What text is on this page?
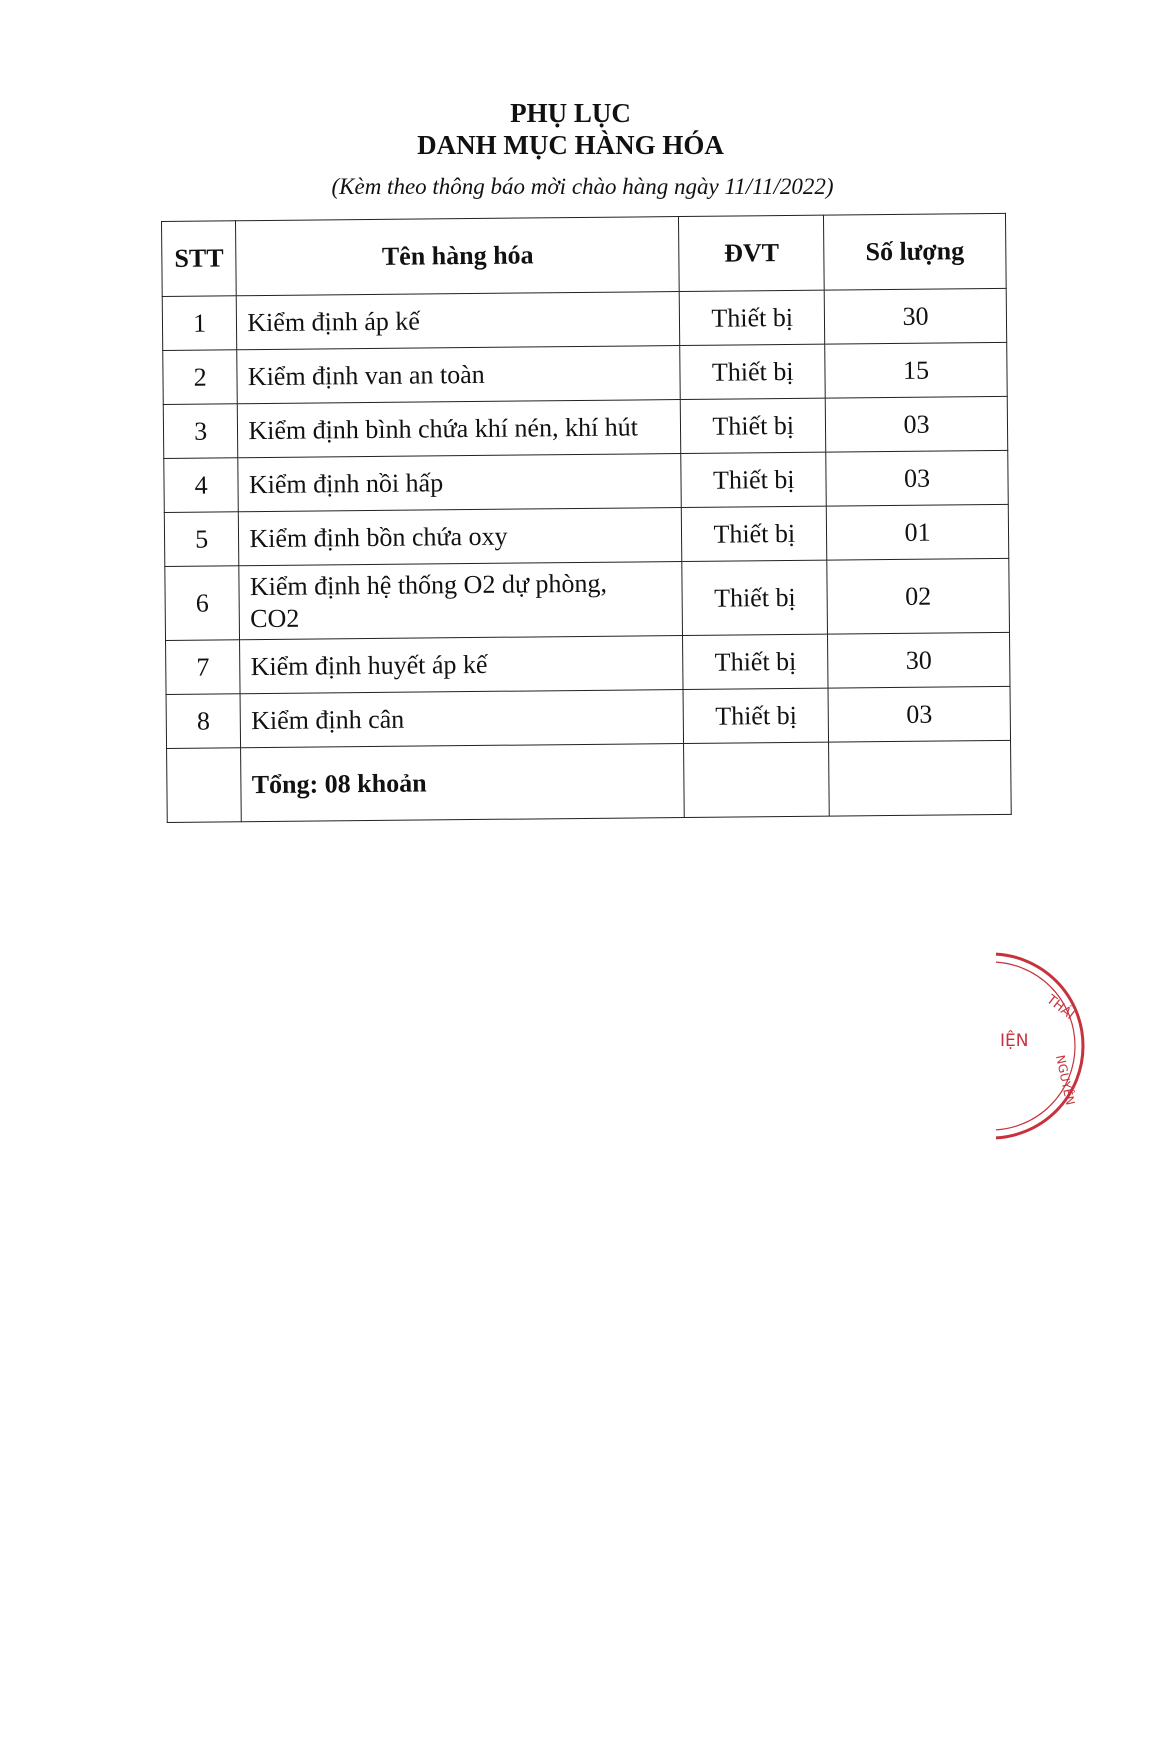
PHỤ LỤC
DANH MỤC HÀNG HÓA
(Kèm theo thông báo mời chào hàng ngày 11/11/2022)
STT	Tên hàng hóa	ĐVT	Số lượng
1	Kiểm định áp kế	Thiết bị	30
2	Kiểm định van an toàn	Thiết bị	15
3	Kiểm định bình chứa khí nén, khí hút	Thiết bị	03
4	Kiểm định nồi hấp	Thiết bị	03
5	Kiểm định bồn chứa oxy	Thiết bị	01
6	Kiểm định hệ thống O2 dự phòng,
CO2	Thiết bị	02
7	Kiểm định huyết áp kế	Thiết bị	30
8	Kiểm định cân	Thiết bị	03
	Tổng: 08 khoản		
THÁI
IỆN
NGUYÊN
